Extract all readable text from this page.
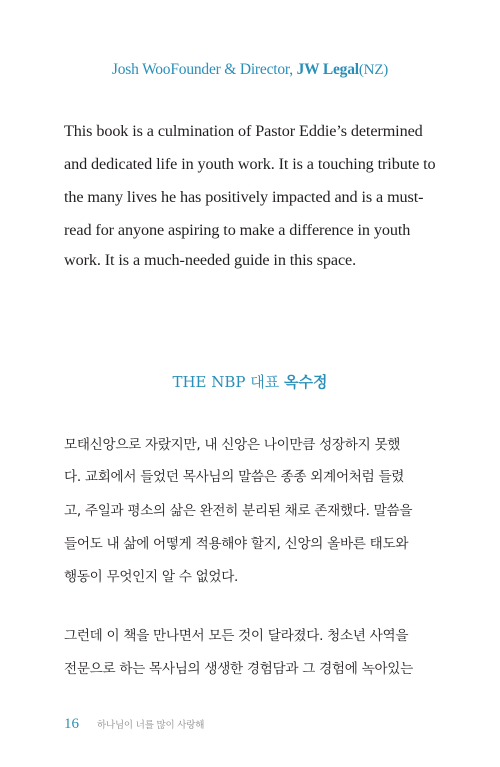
Josh WooFounder & Director, JW Legal(NZ)
This book is a culmination of Pastor Eddie’s determined
and dedicated life in youth work. It is a touching tribute to
the many lives he has positively impacted and is a must-
read for anyone aspiring to make a difference in youth
work. It is a much-needed guide in this space.
THE NBP 대표 옥수정
모태신앙으로 자랐지만, 내 신앙은 나이만큼 성장하지 못했
다. 교회에서 들었던 목사님의 말씀은 종종 외계어처럼 들렸
고, 주일과 평소의 삶은 완전히 분리된 채로 존재했다. 말씀을
들어도 내 삶에 어떻게 적용해야 할지, 신앙의 올바른 태도와
행동이 무엇인지 알 수 없었다.
그런데 이 책을 만나면서 모든 것이 달라졌다. 청소년 사역을
전문으로 하는 목사님의 생생한 경험담과 그 경험에 녹아있는
16 하나님이 너를 많이 사랑해
